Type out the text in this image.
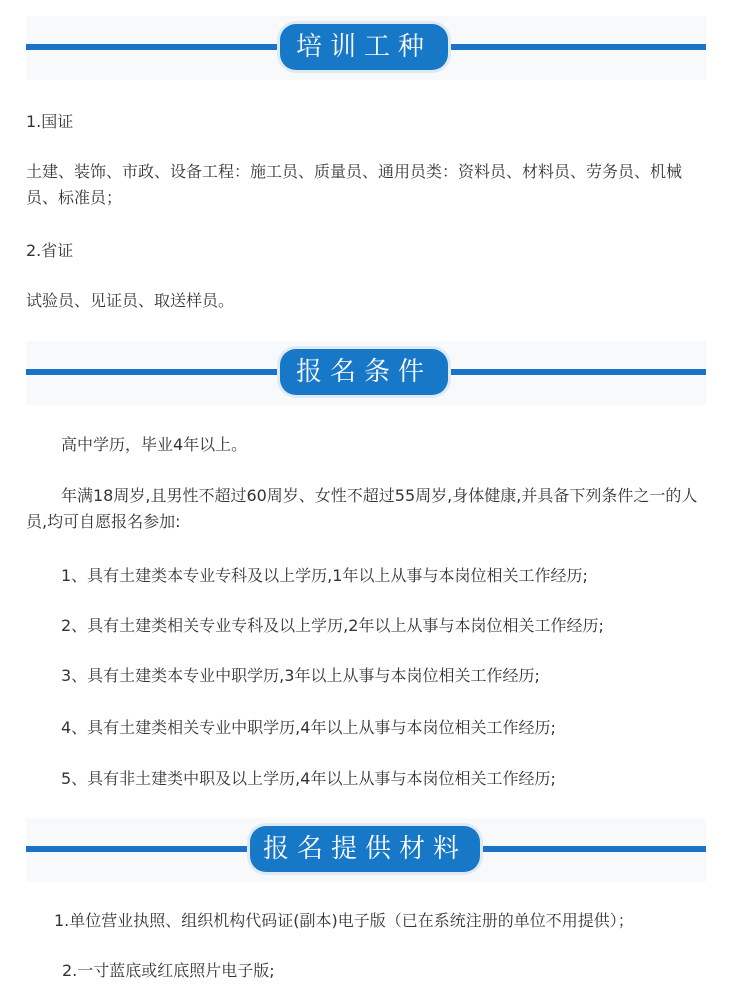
培训工种
1.国证
土建、装饰、市政、设备工程：施工员、质量员、通用员类：资料员、材料员、劳务员、机械员、标准员；
2.省证
试验员、见证员、取送样员。
报名条件
高中学历，毕业4年以上。
年满18周岁,且男性不超过60周岁、女性不超过55周岁,身体健康,并具备下列条件之一的人员,均可自愿报名参加:
1、具有土建类本专业专科及以上学历,1年以上从事与本岗位相关工作经历;
2、具有土建类相关专业专科及以上学历,2年以上从事与本岗位相关工作经历;
3、具有土建类本专业中职学历,3年以上从事与本岗位相关工作经历;
4、具有土建类相关专业中职学历,4年以上从事与本岗位相关工作经历;
5、具有非土建类中职及以上学历,4年以上从事与本岗位相关工作经历;
报名提供材料
1.单位营业执照、组织机构代码证(副本)电子版（已在系统注册的单位不用提供）；
2.一寸蓝底或红底照片电子版;
